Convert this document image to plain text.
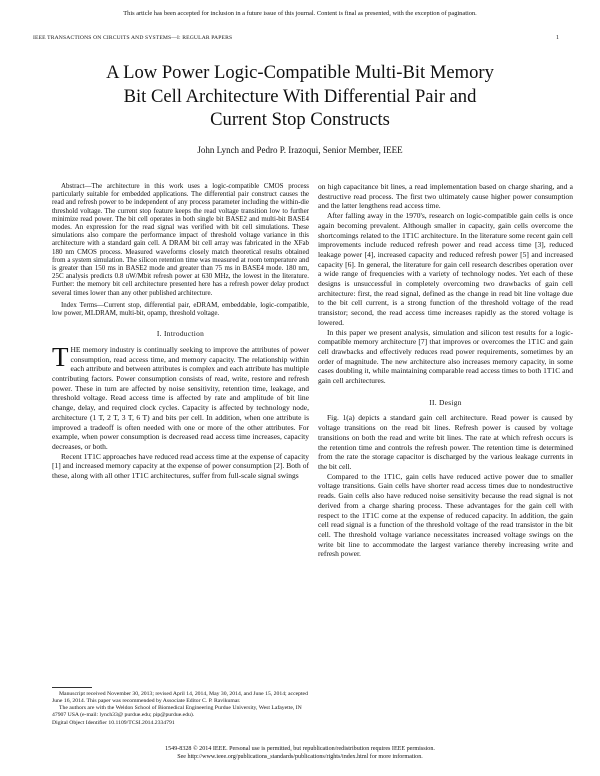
This article has been accepted for inclusion in a future issue of this journal. Content is final as presented, with the exception of pagination.
IEEE TRANSACTIONS ON CIRCUITS AND SYSTEMS—I: REGULAR PAPERS	1
A Low Power Logic-Compatible Multi-Bit Memory
Bit Cell Architecture With Differential Pair and
Current Stop Constructs
John Lynch and Pedro P. Irazoqui, Senior Member, IEEE

Abstract—The architecture in this work uses a logic-compatible CMOS process particularly suitable for embedded applications. The differential pair construct causes the read and refresh power to be independent of any process parameter including the within-die threshold voltage. The current stop feature keeps the read voltage transition low to further minimize read power. The bit cell operates in both single bit BASE2 and multi-bit BASE4 modes. An expression for the read signal was verified with bit cell simulations. These simulations also compare the performance impact of threshold voltage variance in this architecture with a standard gain cell. A DRAM bit cell array was fabricated in the XFab 180 nm CMOS process. Measured waveforms closely match theoretical results obtained from a system simulation. The silicon retention time was measured at room temperature and is greater than 150 ms in BASE2 mode and greater than 75 ms in BASE4 mode. 180 nm, 25C analysis predicts 0.8 uW/Mbit refresh power at 630 MHz, the lowest in the literature. Further: the memory bit cell architecture presented here has a refresh power delay product several times lower than any other published architecture.

Index Terms—Current stop, differential pair, eDRAM, embeddable, logic-compatible, low power, MLDRAM, multi-bit, opamp, threshold voltage.

I. Introduction

THE memory industry is continually seeking to improve the attributes of power consumption, read access time, and memory capacity. The relationship within each attribute and between attributes is complex and each attribute has multiple contributing factors. Power consumption consists of read, write, restore and refresh power. These in turn are affected by noise sensitivity, retention time, leakage, and threshold voltage. Read access time is affected by rate and amplitude of bit line change, delay, and required clock cycles. Capacity is affected by technology node, architecture (1 T, 2 T, 3 T, 6 T) and bits per cell. In addition, when one attribute is improved a tradeoff is often needed with one or more of the other attributes. For example, when power consumption is decreased read access time increases, capacity decreases, or both.

Recent 1T1C approaches have reduced read access time at the expense of capacity [1] and increased memory capacity at the expense of power consumption [2]. Both of these, along with all other 1T1C architectures, suffer from full-scale signal swings

on high capacitance bit lines, a read implementation based on charge sharing, and a destructive read process. The first two ultimately cause higher power consumption and the latter lengthens read access time.

After falling away in the 1970's, research on logic-compatible gain cells is once again becoming prevalent. Although smaller in capacity, gain cells overcome the shortcomings related to the 1T1C architecture. In the literature some recent gain cell improvements include reduced refresh power and read access time [3], reduced leakage power [4], increased capacity and reduced refresh power [5] and increased capacity [6]. In general, the literature for gain cell research describes operation over a wide range of frequencies with a variety of technology nodes. Yet each of these designs is unsuccessful in completely overcoming two drawbacks of gain cell architecture: first, the read signal, defined as the change in read bit line voltage due to the bit cell current, is a strong function of the threshold voltage of the read transistor; second, the read access time increases rapidly as the stored voltage is lowered.

In this paper we present analysis, simulation and silicon test results for a logic-compatible memory architecture [7] that improves or overcomes the 1T1C and gain cell drawbacks and effectively reduces read power requirements, sometimes by an order of magnitude. The new architecture also increases memory capacity, in some cases doubling it, while maintaining comparable read access times to both 1T1C and gain cell architectures.

II. Design

Fig. 1(a) depicts a standard gain cell architecture. Read power is caused by voltage transitions on the read bit lines. Refresh power is caused by voltage transitions on both the read and write bit lines. The rate at which refresh occurs is the retention time and controls the refresh power. The retention time is determined from the rate the storage capacitor is discharged by the various leakage currents in the bit cell.

Compared to the 1T1C, gain cells have reduced active power due to smaller voltage transitions. Gain cells have shorter read access times due to nondestructive reads. Gain cells also have reduced noise sensitivity because the read signal is not derived from a charge sharing process. These advantages for the gain cell with respect to the 1T1C come at the expense of reduced capacity. In addition, the gain cell read signal is a function of the threshold voltage of the read transistor in the bit cell. The threshold voltage variance necessitates increased voltage swings on the write bit line to accommodate the largest variance thereby increasing write and refresh power.

Manuscript received November 30, 2013; revised April 14, 2014, May 30, 2014, and June 15, 2014; accepted June 16, 2014. This paper was recommended by Associate Editor C. P. Ravikumar.

The authors are with the Weldon School of Biomedical Engineering Purdue University, West Lafayette, IN 47907 USA (e-mail: lynch33@ purdue.edu; pip@purdue.edu).

Digital Object Identifier 10.1109/TCSI.2014.2334791

1549-8328 © 2014 IEEE. Personal use is permitted, but republication/redistribution requires IEEE permission.
See http://www.ieee.org/publications_standards/publications/rights/index.html for more information.
